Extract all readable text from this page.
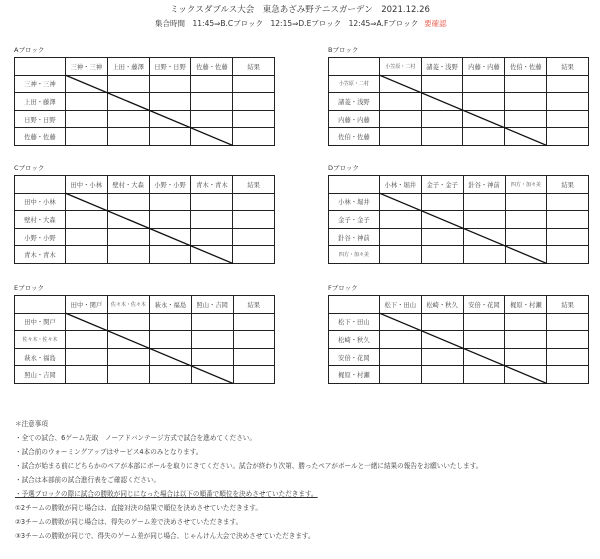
ミックスダブルス大会　東急あざみ野テニスガーデン　2021.12.26
集合時間　11:45⇒B.Cブロック　12:15⇒D.Eブロック　12:45⇒A.Fブロック 要確認
Aブロック
	三神・三神	上田・藤澤	日野・日野	佐藤・佐藤	結果
三神・三神					
上田・藤澤					
日野・日野					
佐藤・佐藤					
Bブロック
	小笠原・二村	諸菱・浅野	内藤・内藤	佐伯・佐藤	結果
小笠原・二村					
諸菱・浅野					
内藤・内藤					
佐伯・佐藤					
Cブロック
	田中・小林	壁村・大森	小野・小野	青木・青木	結果
田中・小林					
壁村・大森					
小野・小野					
青木・青木					
Dブロック
	小林・堀井	金子・金子	針谷・神前	四方・加々美	結果
小林・堀井					
金子・金子					
針谷・神前					
四方・加々美					
Eブロック
	田中・関戸	佐々木・佐々木	萩永・福島	照山・吉岡	結果
田中・関戸					
佐々木・佐々木					
萩永・福島					
照山・吉岡					
Fブロック
	松下・田山	松崎・秋久	安倍・花岡	梶原・村瀬	結果
松下・田山					
松崎・秋久					
安倍・花岡					
梶原・村瀬					
＊注意事項
・全ての試合、6ゲーム先取　ノーアドバンテージ方式で試合を進めてください。
・試合前のウォーミングアップはサービス4本のみとなります。
・試合が始まる前にどちらかのペアが本部にボールを取りにきてください。試合が終わり次第、勝ったペアがボールと一緒に結果の報告をお願いいたします。
・試合は本部前の試合進行表をご確認ください。
・予選ブロックの際に試合の勝敗が同じになった場合は以下の順番で順位を決めさせていただきます。
①2チームの勝敗が同じ場合は、直接対決の結果で順位を決めさせていただきます。
②3チームの勝敗が同じ場合は、得失のゲーム差で決めさせていただきます。
③3チームの勝敗が同じで、得失のゲーム差が同じ場合、じゃんけん大会で決めさせていただきます。
